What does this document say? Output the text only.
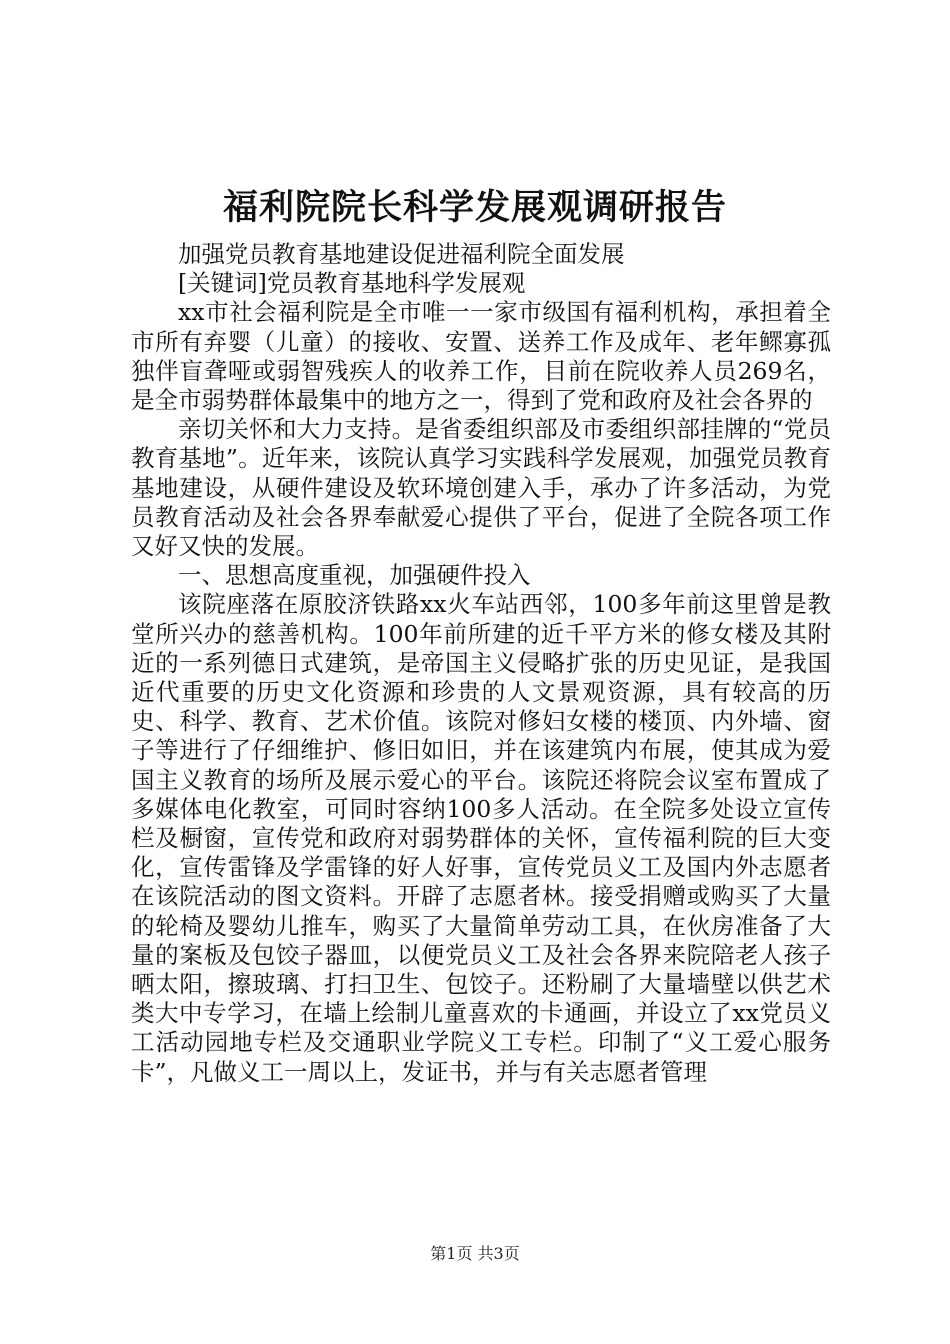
福利院院长科学发展观调研报告

加强党员教育基地建设促进福利院全面发展

[关键词]党员教育基地科学发展观

xx市社会福利院是全市唯一一家市级国有福利机构，承担着全市所有弃婴（儿童）的接收、安置、送养工作及成年、老年鳏寡孤独伴盲聋哑或弱智残疾人的收养工作，目前在院收养人员269名，是全市弱势群体最集中的地方之一，得到了党和政府及社会各界的

亲切关怀和大力支持。是省委组织部及市委组织部挂牌的“党员教育基地”。近年来，该院认真学习实践科学发展观，加强党员教育基地建设，从硬件建设及软环境创建入手，承办了许多活动，为党员教育活动及社会各界奉献爱心提供了平台，促进了全院各项工作又好又快的发展。

一、思想高度重视，加强硬件投入

该院座落在原胶济铁路xx火车站西邻，100多年前这里曾是教堂所兴办的慈善机构。100年前所建的近千平方米的修女楼及其附近的一系列德日式建筑，是帝国主义侵略扩张的历史见证，是我国近代重要的历史文化资源和珍贵的人文景观资源，具有较高的历史、科学、教育、艺术价值。该院对修妇女楼的楼顶、内外墙、窗子等进行了仔细维护、修旧如旧，并在该建筑内布展，使其成为爱国主义教育的场所及展示爱心的平台。该院还将院会议室布置成了多媒体电化教室，可同时容纳100多人活动。在全院多处设立宣传栏及橱窗，宣传党和政府对弱势群体的关怀，宣传福利院的巨大变化，宣传雷锋及学雷锋的好人好事，宣传党员义工及国内外志愿者在该院活动的图文资料。开辟了志愿者林。接受捐赠或购买了大量的轮椅及婴幼儿推车，购买了大量简单劳动工具，在伙房准备了大量的案板及包饺子器皿，以便党员义工及社会各界来院陪老人孩子晒太阳，擦玻璃、打扫卫生、包饺子。还粉刷了大量墙壁以供艺术类大中专学习，在墙上绘制儿童喜欢的卡通画，并设立了xx党员义工活动园地专栏及交通职业学院义工专栏。印制了“义工爱心服务卡”，凡做义工一周以上，发证书，并与有关志愿者管理

第1页 共3页
